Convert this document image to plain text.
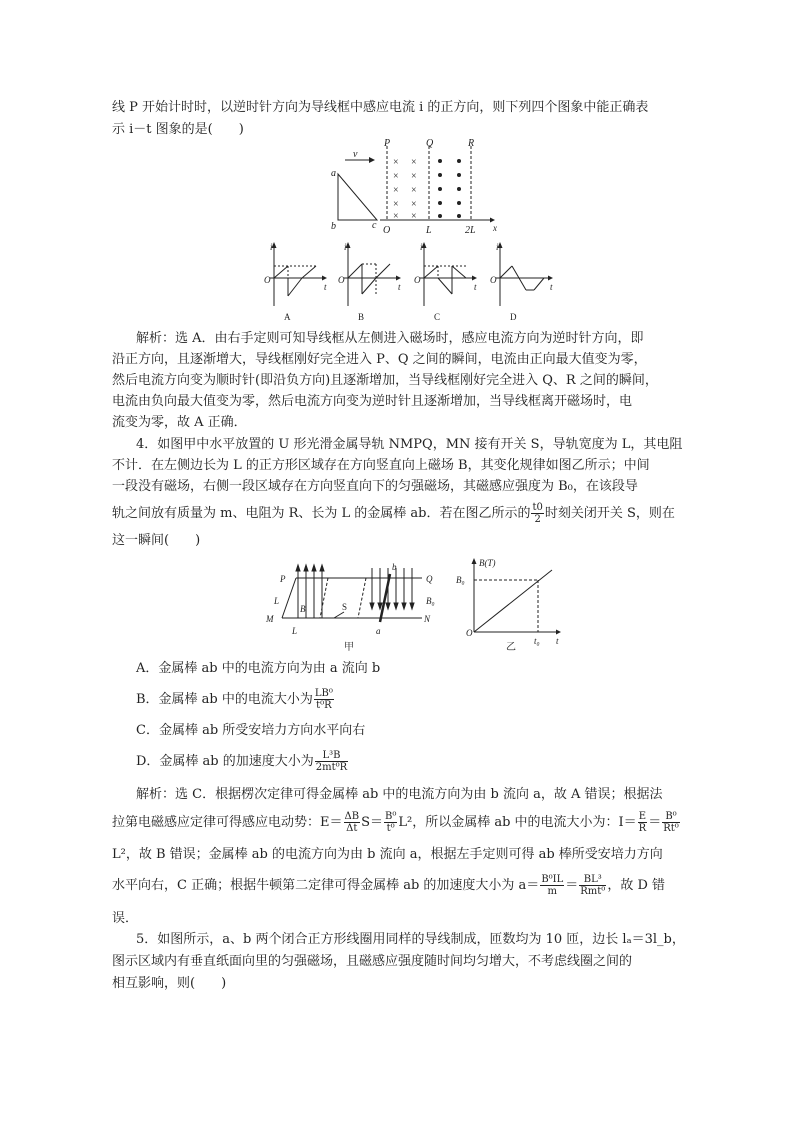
线 P 开始计时时，以逆时针方向为导线框中感应电流 i 的正方向，则下列四个图象中能正确表
示 i－t 图象的是(　　)
v
a
b	c
P	Q	R
O	L	2L x
× ×
× ×
× ×
× ×
× ×
i
t
O
A
i
t
O
B
i
t
O
C
i
t
O
D
解析：选 A．由右手定则可知导线框从左侧进入磁场时，感应电流方向为逆时针方向，即
沿正方向，且逐渐增大，导线框刚好完全进入 P、Q 之间的瞬间，电流由正向最大值变为零，
然后电流方向变为顺时针(即沿负方向)且逐渐增加，当导线框刚好完全进入 Q、R 之间的瞬间，
电流由负向最大值变为零，然后电流方向变为逆时针且逐渐增加，当导线框离开磁场时，电
流变为零，故 A 正确．
4．如图甲中水平放置的 U 形光滑金属导轨 NMPQ，MN 接有开关 S，导轨宽度为 L，其电阻
不计．在左侧边长为 L 的正方形区域存在方向竖直向上磁场 B，其变化规律如图乙所示；中间
一段没有磁场，右侧一段区域存在方向竖直向下的匀强磁场，其磁感应强度为 B₀，在该段导
轨之间放有质量为 m、电阻为 R、长为 L 的金属棒 ab．若在图乙所示的 $\frac{t0}{2}$ 时刻关闭开关 S，则在
这一瞬间(　　)
P	Q
M	N
L
L
B	S
b
a
B₀
甲
B(T)
B₀
O
t₀ t
乙
A．金属棒 ab 中的电流方向为由 a 流向 b
B．金属棒 ab 中的电流大小为 $\frac{\text{LB⁰}}{\text{t⁰R}}$
C．金属棒 ab 所受安培力方向水平向右
D．金属棒 ab 的加速度大小为 $\frac{\text{L³B}}{\text{2mt⁰R}}$
解析：选 C．根据楞次定律可得金属棒 ab 中的电流方向为由 b 流向 a，故 A 错误；根据法
拉第电磁感应定律可得感应电动势：$E= \frac{\Delta B}{\Delta t} S= \frac{\text{B⁰}}{\text{t⁰}} L^2$，所以金属棒 ab 中的电流大小为：$I= \frac{E}{R} = \frac{\text{B⁰}}{\text{Rt⁰}}$
L²，故 B 错误；金属棒 ab 的电流方向为由 b 流向 a，根据左手定则可得 ab 棒所受安培力方向
水平向右，C 正确；根据牛顿第二定律可得金属棒 ab 的加速度大小为 $a= \frac{\text{B⁰IL}}{m} = \frac{\text{BL³}}{\text{Rmt⁰}}$ ，故 D 错
误．
5．如图所示，a、b 两个闭合正方形线圈用同样的导线制成，匝数均为 10 匝，边长 lₐ＝3l_b，
图示区域内有垂直纸面向里的匀强磁场，且磁感应强度随时间均匀增大，不考虑线圈之间的
相互影响，则(　　)
